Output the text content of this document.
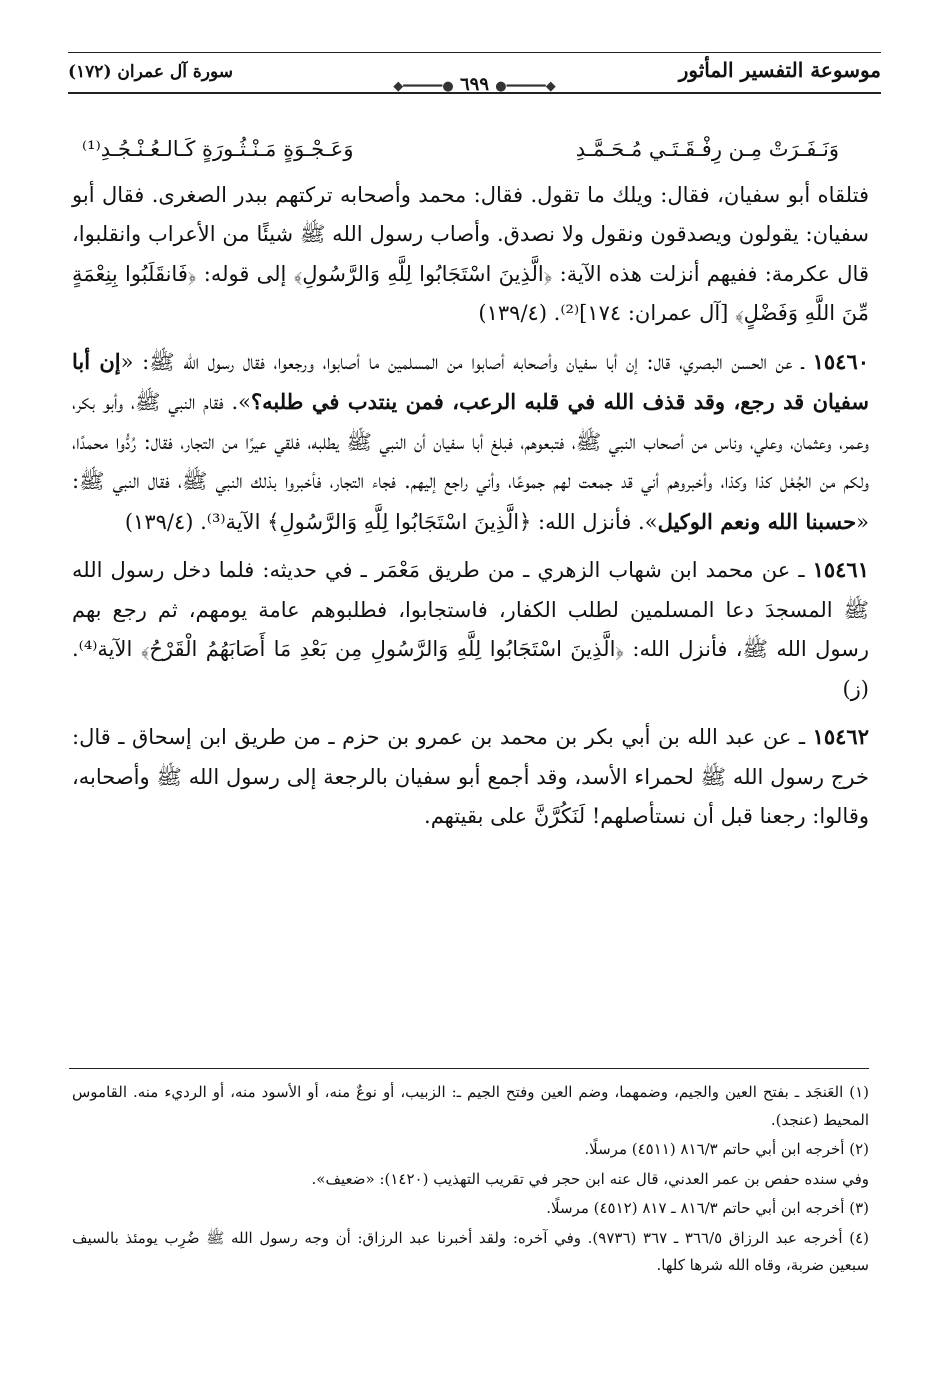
موسوعة التفسير المأثور
سورة آل عمران (١٧٢)
◆━━━━━● ٦٩٩ ●━━━━━◆
وَنَـفَـرَتْ مِـن رِفْـقَـتَـي مُـحَـمَّـدِ
وَعَـجْـوَةٍ مَـنْـثُـورَةٍ كَـالـعُـنْـجُـدِ⁽¹⁾

فتلقاه أبو سفيان، فقال: ويلك ما تقول. فقال: محمد وأصحابه تركتهم ببدر الصغرى. فقال أبو سفيان: يقولون ويصدقون ونقول ولا نصدق. وأصاب رسول الله ﷺ شيئًا من الأعراب وانقلبوا، قال عكرمة: ففيهم أنزلت هذه الآية: ﴿الَّذِينَ اسْتَجَابُوا لِلَّهِ وَالرَّسُولِ﴾ إلى قوله: ﴿فَانقَلَبُوا بِنِعْمَةٍ مِّنَ اللَّهِ وَفَضْلٍ﴾ [آل عمران: ١٧٤]⁽²⁾. (١٣٩/٤)

١٥٤٦٠ ـ عن الحسن البصري، قال: إن أبا سفيان وأصحابه أصابوا من المسلمين ما أصابوا، ورجعوا، فقال رسول الله ﷺ: «إن أبا سفيان قد رجع، وقد قذف الله في قلبه الرعب، فمن ينتدب في طلبه؟». فقام النبي ﷺ، وأبو بكر، وعمر، وعثمان، وعلي، وناس من أصحاب النبي ﷺ، فتبعوهم، فبلغ أبا سفيان أن النبي ﷺ يطلبه، فلقي عيرًا من التجار، فقال: رُدُّوا محمدًا، ولكم من الجُعْل كذا وكذا، وأخبروهم أني قد جمعت لهم جموعًا، وأني راجع إليهم. فجاء التجار، فأخبروا بذلك النبي ﷺ، فقال النبي ﷺ: «حسبنا الله ونعم الوكيل». فأنزل الله: ﴿الَّذِينَ اسْتَجَابُوا لِلَّهِ وَالرَّسُولِ﴾ الآية⁽³⁾. (١٣٩/٤)

١٥٤٦١ ـ عن محمد ابن شهاب الزهري ـ من طريق مَعْمَر ـ في حديثه: فلما دخل رسول الله ﷺ المسجدَ دعا المسلمين لطلب الكفار، فاستجابوا، فطلبوهم عامة يومهم، ثم رجع بهم رسول الله ﷺ، فأنزل الله: ﴿الَّذِينَ اسْتَجَابُوا لِلَّهِ وَالرَّسُولِ مِن بَعْدِ مَا أَصَابَهُمُ الْقَرْحُ﴾ الآية⁽⁴⁾. (ز)

١٥٤٦٢ ـ عن عبد الله بن أبي بكر بن محمد بن عمرو بن حزم ـ من طريق ابن إسحاق ـ قال: خرج رسول الله ﷺ لحمراء الأسد، وقد أجمع أبو سفيان بالرجعة إلى رسول الله ﷺ وأصحابه، وقالوا: رجعنا قبل أن نستأصلهم! لَنَكُرَّنَّ على بقيتهم.

(١) العَنجَد ـ بفتح العين والجيم، وضمهما، وضم العين وفتح الجيم ـ: الزبيب، أو نوعٌ منه، أو الأسود منه، أو الرديء منه. القاموس المحيط (عنجد).

(٢) أخرجه ابن أبي حاتم ٨١٦/٣ (٤٥١١) مرسلًا.

وفي سنده حفص بن عمر العدني، قال عنه ابن حجر في تقريب التهذيب (١٤٢٠): «ضعيف».

(٣) أخرجه ابن أبي حاتم ٨١٦/٣ ـ ٨١٧ (٤٥١٢) مرسلًا.

(٤) أخرجه عبد الرزاق ٣٦٦/٥ ـ ٣٦٧ (٩٧٣٦). وفي آخره: ولقد أخبرنا عبد الرزاق: أن وجه رسول الله ﷺ ضُرِب يومئذ بالسيف سبعين ضربة، وقاه الله شرها كلها.
